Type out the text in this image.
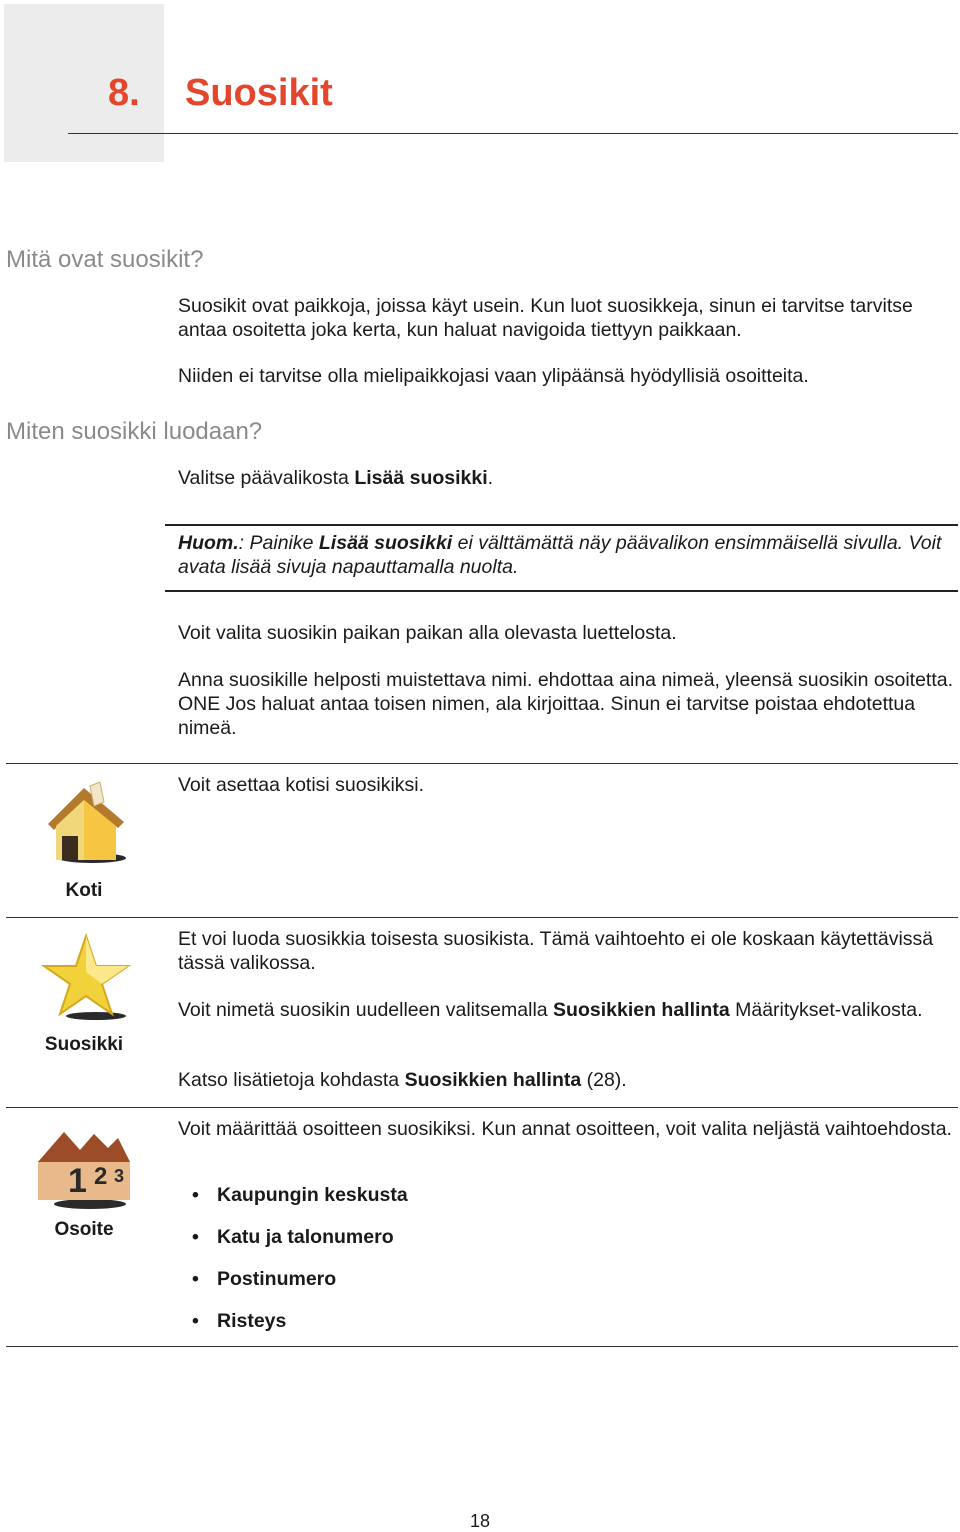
8. Suosikit
Mitä ovat suosikit?
Suosikit ovat paikkoja, joissa käyt usein. Kun luot suosikkeja, sinun ei tarvitse tarvitse antaa osoitetta joka kerta, kun haluat navigoida tiettyyn paikkaan.
Niiden ei tarvitse olla mielipaikkojasi vaan ylipäänsä hyödyllisiä osoitteita.
Miten suosikki luodaan?
Valitse päävalikosta Lisää suosikki.
Huom.: Painike Lisää suosikki ei välttämättä näy päävalikon ensimmäisellä sivulla. Voit avata lisää sivuja napauttamalla nuolta.
Voit valita suosikin paikan paikan alla olevasta luettelosta.
Anna suosikille helposti muistettava nimi. ehdottaa aina nimeä, yleensä suosikin osoitetta. ONE Jos haluat antaa toisen nimen, ala kirjoittaa. Sinun ei tarvitse poistaa ehdotettua nimeä.
Koti
Voit asettaa kotisi suosikiksi.
Suosikki
Et voi luoda suosikkia toisesta suosikista. Tämä vaihtoehto ei ole koskaan käytettävissä tässä valikossa.
Voit nimetä suosikin uudelleen valitsemalla Suosikkien hallinta Määritykset-valikosta.
Katso lisätietoja kohdasta Suosikkien hallinta (28).
1 2 3
Osoite
Voit määrittää osoitteen suosikiksi. Kun annat osoitteen, voit valita neljästä vaihtoehdosta.
• Kaupungin keskusta
• Katu ja talonumero
• Postinumero
• Risteys
18
